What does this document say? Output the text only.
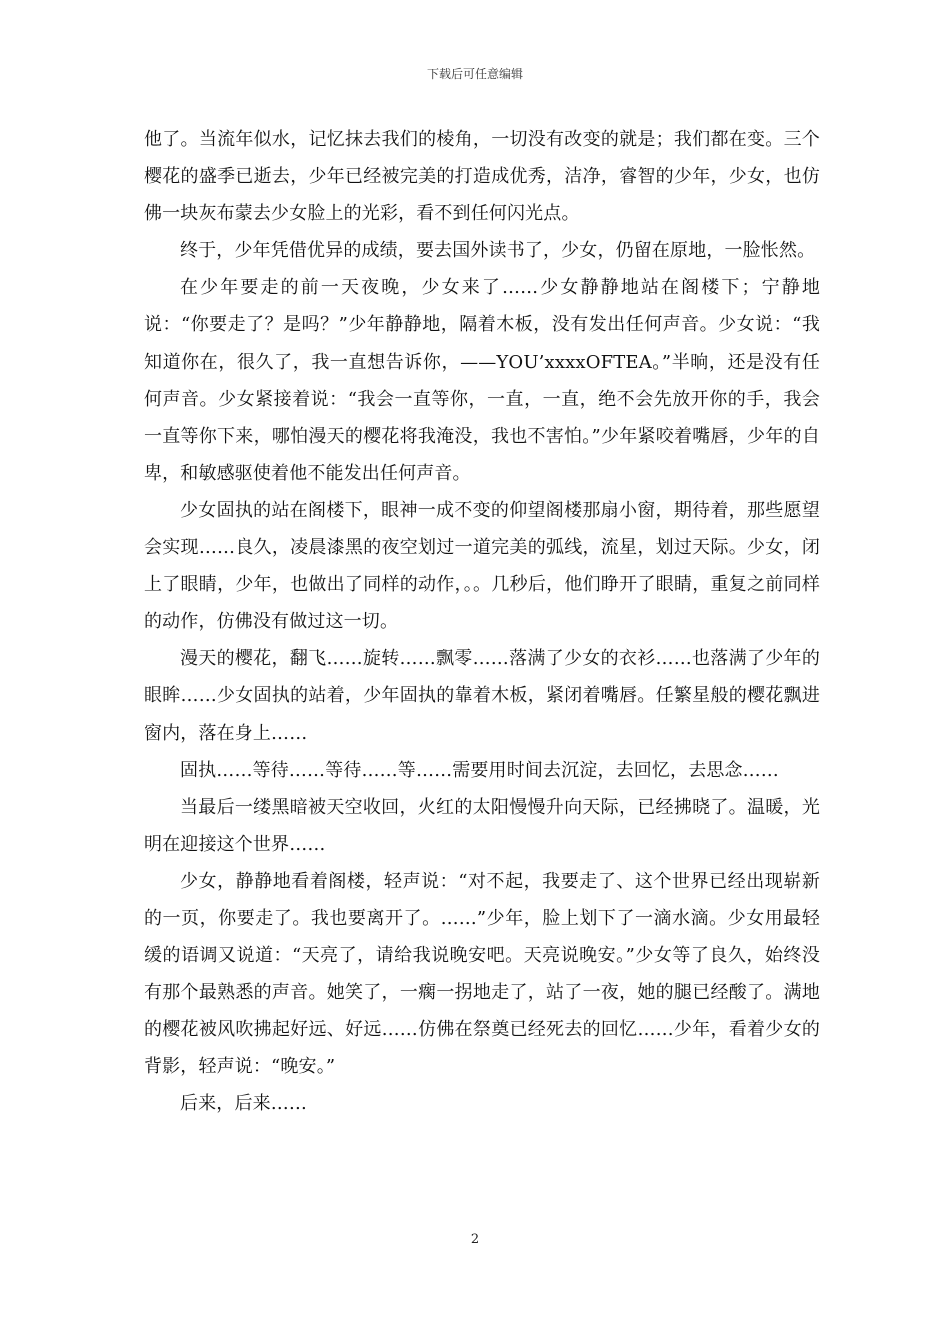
下载后可任意编辑

他了。当流年似水，记忆抹去我们的棱角，一切没有改变的就是；我们都在变。三个樱花的盛季已逝去，少年已经被完美的打造成优秀，洁净，睿智的少年，少女，也仿佛一块灰布蒙去少女脸上的光彩，看不到任何闪光点。

终于，少年凭借优异的成绩，要去国外读书了，少女，仍留在原地，一脸怅然。

在少年要走的前一天夜晚，少女来了……少女静静地站在阁楼下；宁静地说：“你要走了？是吗？”少年静静地，隔着木板，没有发出任何声音。少女说：“我知道你在，很久了，我一直想告诉你，——YOU’xxxxOFTEA。”半晌，还是没有任何声音。少女紧接着说：“我会一直等你，一直，一直，绝不会先放开你的手，我会一直等你下来，哪怕漫天的樱花将我淹没，我也不害怕。”少年紧咬着嘴唇，少年的自卑，和敏感驱使着他不能发出任何声音。

少女固执的站在阁楼下，眼神一成不变的仰望阁楼那扇小窗，期待着，那些愿望会实现……良久，凌晨漆黑的夜空划过一道完美的弧线，流星，划过天际。少女，闭上了眼睛，少年，也做出了同样的动作，。。几秒后，他们睁开了眼睛，重复之前同样的动作，仿佛没有做过这一切。

漫天的樱花，翻飞……旋转……飘零……落满了少女的衣衫……也落满了少年的眼眸……少女固执的站着，少年固执的靠着木板，紧闭着嘴唇。任繁星般的樱花飘进窗内，落在身上……

固执……等待……等待……等……需要用时间去沉淀，去回忆，去思念……

当最后一缕黑暗被天空收回，火红的太阳慢慢升向天际，已经拂晓了。温暖，光明在迎接这个世界……

少女，静静地看着阁楼，轻声说：“对不起，我要走了、这个世界已经出现崭新的一页，你要走了。我也要离开了。……”少年，脸上划下了一滴水滴。少女用最轻缓的语调又说道：“天亮了，请给我说晚安吧。天亮说晚安。”少女等了良久，始终没有那个最熟悉的声音。她笑了，一瘸一拐地走了，站了一夜，她的腿已经酸了。满地的樱花被风吹拂起好远、好远……仿佛在祭奠已经死去的回忆……少年，看着少女的背影，轻声说：“晚安。”

后来，后来……

2
